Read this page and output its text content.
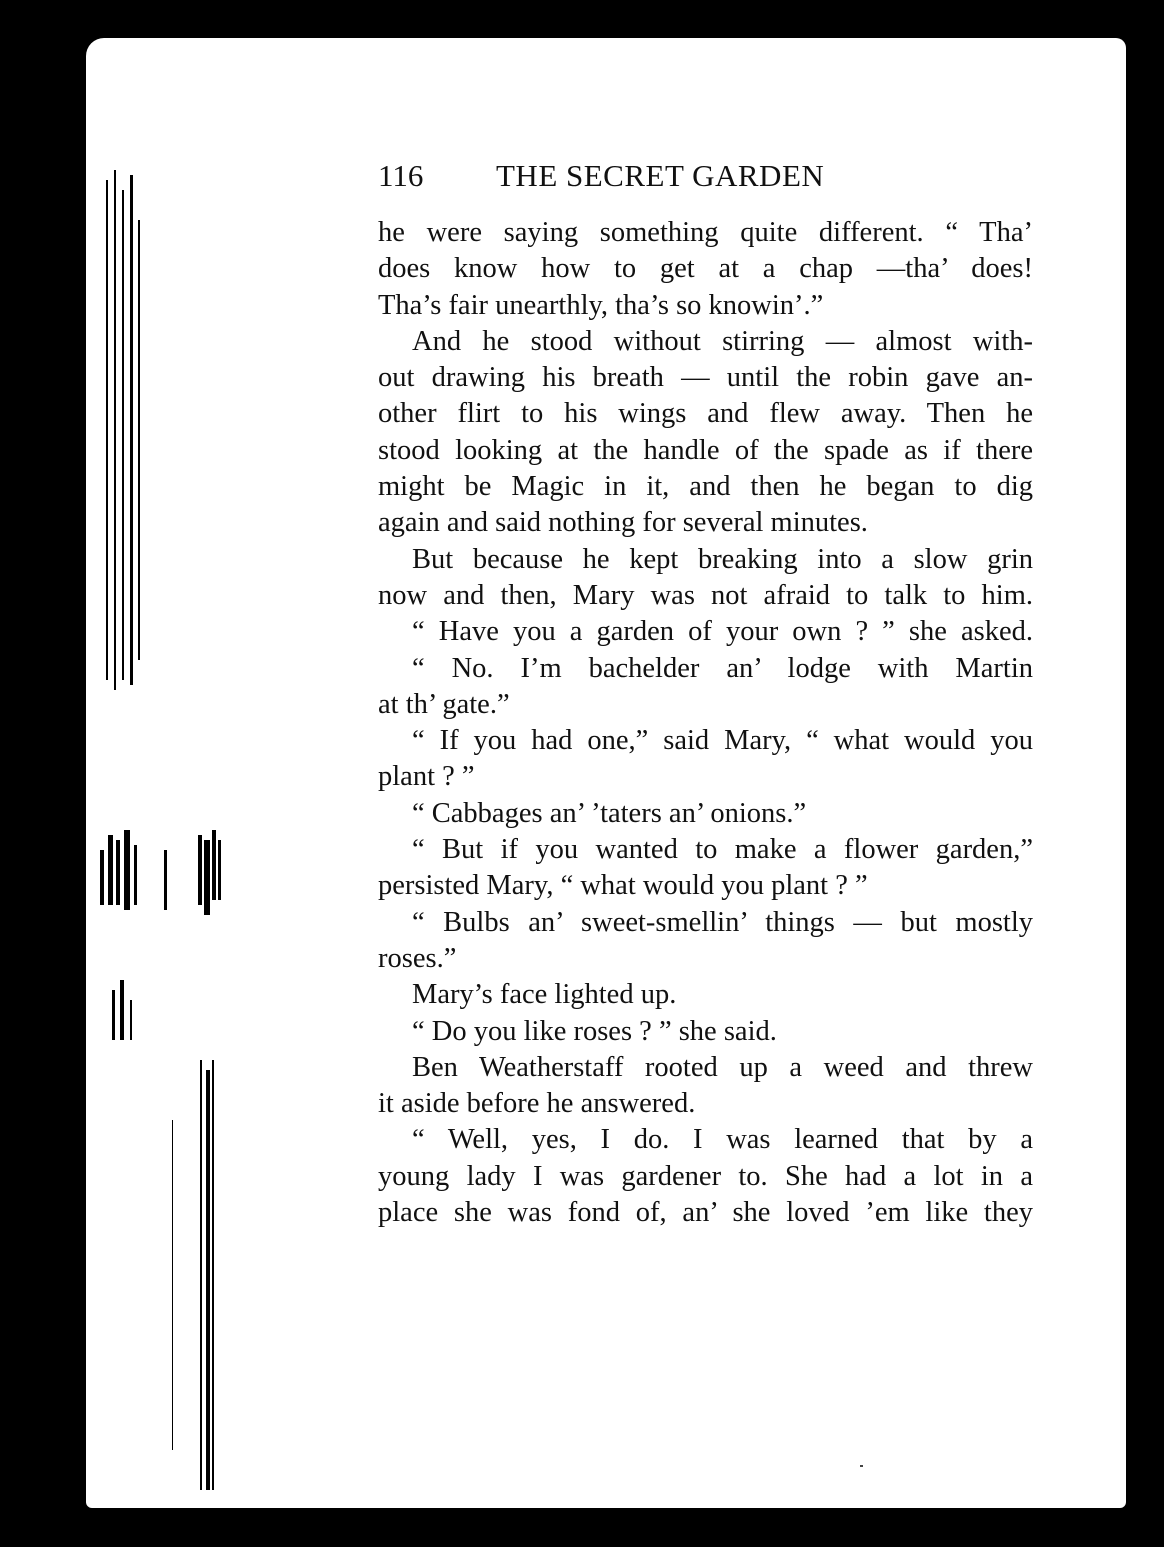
116 THE SECRET GARDEN
he were saying something quite different. “ Tha’
does know how to get at a chap —tha’ does!
Tha’s fair unearthly, tha’s so knowin’.”
And he stood without stirring — almost with-
out drawing his breath — until the robin gave an-
other flirt to his wings and flew away. Then he
stood looking at the handle of the spade as if there
might be Magic in it, and then he began to dig
again and said nothing for several minutes.
But because he kept breaking into a slow grin
now and then, Mary was not afraid to talk to him.
“ Have you a garden of your own ? ” she asked.
“ No. I’m bachelder an’ lodge with Martin
at th’ gate.”
“ If you had one,” said Mary, “ what would you
plant ? ”
“ Cabbages an’ ’taters an’ onions.”
“ But if you wanted to make a flower garden,”
persisted Mary, “ what would you plant ? ”
“ Bulbs an’ sweet-smellin’ things — but mostly
roses.”
Mary’s face lighted up.
“ Do you like roses ? ” she said.
Ben Weatherstaff rooted up a weed and threw
it aside before he answered.
“ Well, yes, I do. I was learned that by a
young lady I was gardener to. She had a lot in a
place she was fond of, an’ she loved ’em like they
